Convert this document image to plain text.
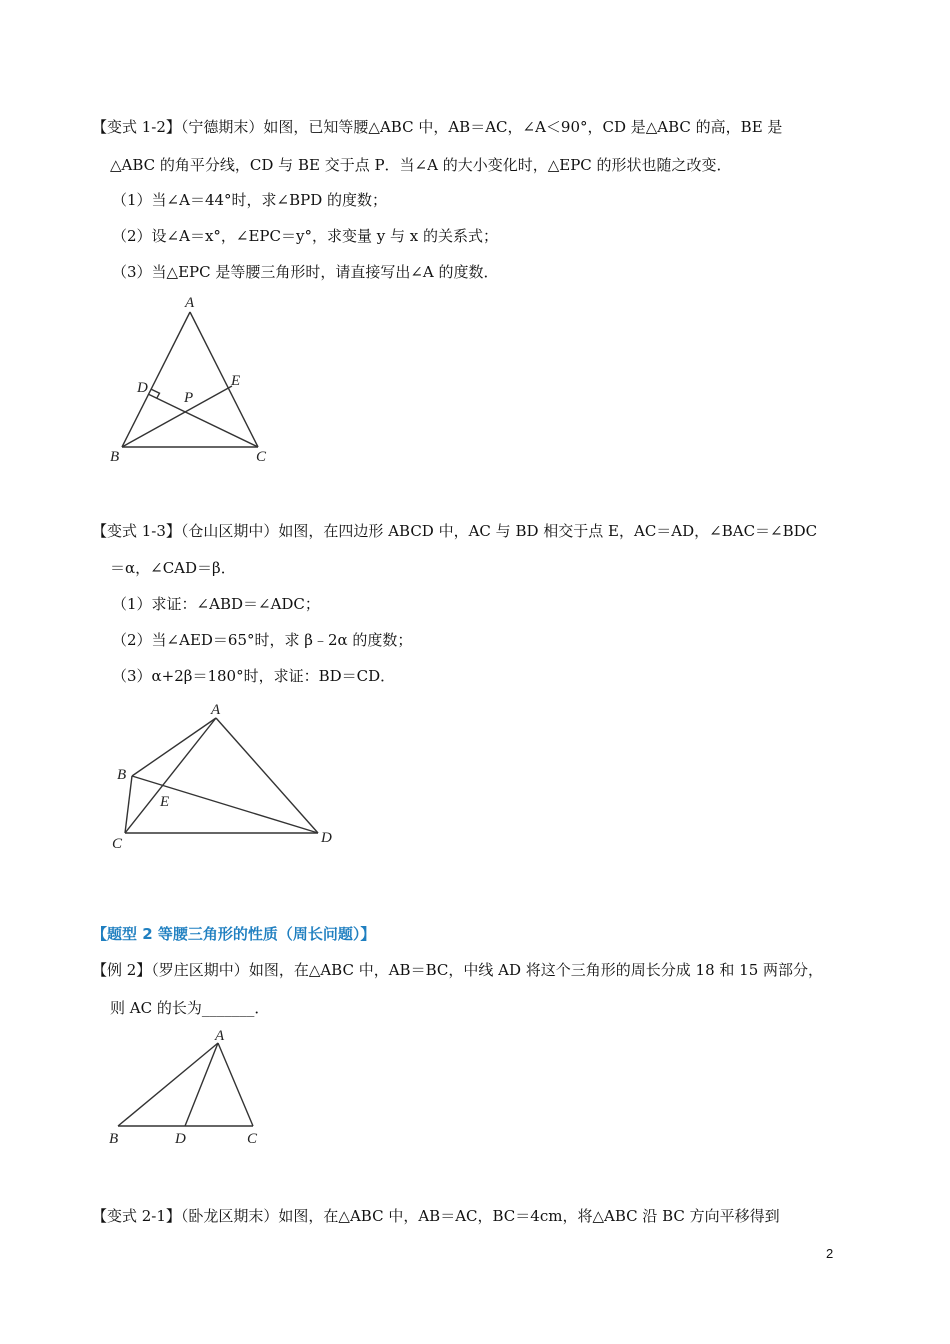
【变式 1-2】（宁德期末）如图，已知等腰△ABC 中，AB＝AC，∠A＜90°，CD 是△ABC 的高，BE 是
△ABC 的角平分线，CD 与 BE 交于点 P．当∠A 的大小变化时，△EPC 的形状也随之改变．
（1）当∠A＝44°时，求∠BPD 的度数；
（2）设∠A＝x°，∠EPC＝y°，求变量 y 与 x 的关系式；
（3）当△EPC 是等腰三角形时，请直接写出∠A 的度数．
A
B	C
D	E
P
【变式 1-3】（仓山区期中）如图，在四边形 ABCD 中，AC 与 BD 相交于点 E，AC＝AD，∠BAC＝∠BDC
＝α，∠CAD＝β．
（1）求证：∠ABD＝∠ADC；
（2）当∠AED＝65°时，求 β﹣2α 的度数；
（3）α+2β＝180°时，求证：BD＝CD．
A
B
C	D
E
【题型 2 等腰三角形的性质（周长问题）】
【例 2】（罗庄区期中）如图，在△ABC 中，AB＝BC，中线 AD 将这个三角形的周长分成 18 和 15 两部分，
则 AC 的长为_______．
A
B	D	C
【变式 2-1】（卧龙区期末）如图，在△ABC 中，AB＝AC，BC＝4cm，将△ABC 沿 BC 方向平移得到
2
